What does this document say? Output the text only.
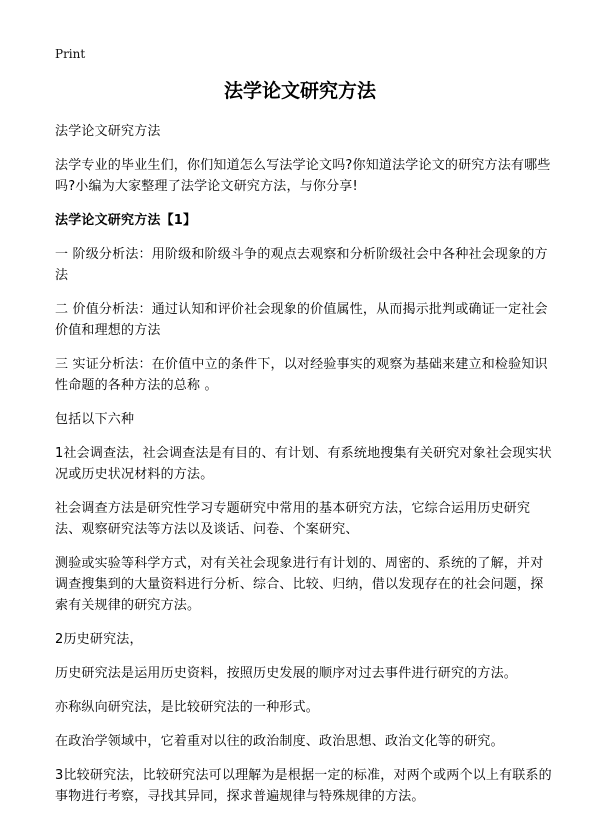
Print
法学论文研究方法

法学论文研究方法

法学专业的毕业生们，你们知道怎么写法学论文吗?你知道法学论文的研究方法有哪些吗?小编为大家整理了法学论文研究方法，与你分享!

法学论文研究方法【1】

一 阶级分析法：用阶级和阶级斗争的观点去观察和分析阶级社会中各种社会现象的方法

二 价值分析法：通过认知和评价社会现象的价值属性，从而揭示批判或确证一定社会价值和理想的方法

三 实证分析法：在价值中立的条件下，以对经验事实的观察为基础来建立和检验知识性命题的各种方法的总称 。

包括以下六种

1社会调查法，社会调查法是有目的、有计划、有系统地搜集有关研究对象社会现实状况或历史状况材料的方法。

社会调查方法是研究性学习专题研究中常用的基本研究方法，它综合运用历史研究法、观察研究法等方法以及谈话、问卷、个案研究、

测验或实验等科学方式，对有关社会现象进行有计划的、周密的、系统的了解，并对调查搜集到的大量资料进行分析、综合、比较、归纳，借以发现存在的社会问题，探索有关规律的研究方法。

2历史研究法，

历史研究法是运用历史资料，按照历史发展的顺序对过去事件进行研究的方法。

亦称纵向研究法，是比较研究法的一种形式。

在政治学领域中，它着重对以往的政治制度、政治思想、政治文化等的研究。

3比较研究法，比较研究法可以理解为是根据一定的标准，对两个或两个以上有联系的事物进行考察，寻找其异同，探求普遍规律与特殊规律的方法。
